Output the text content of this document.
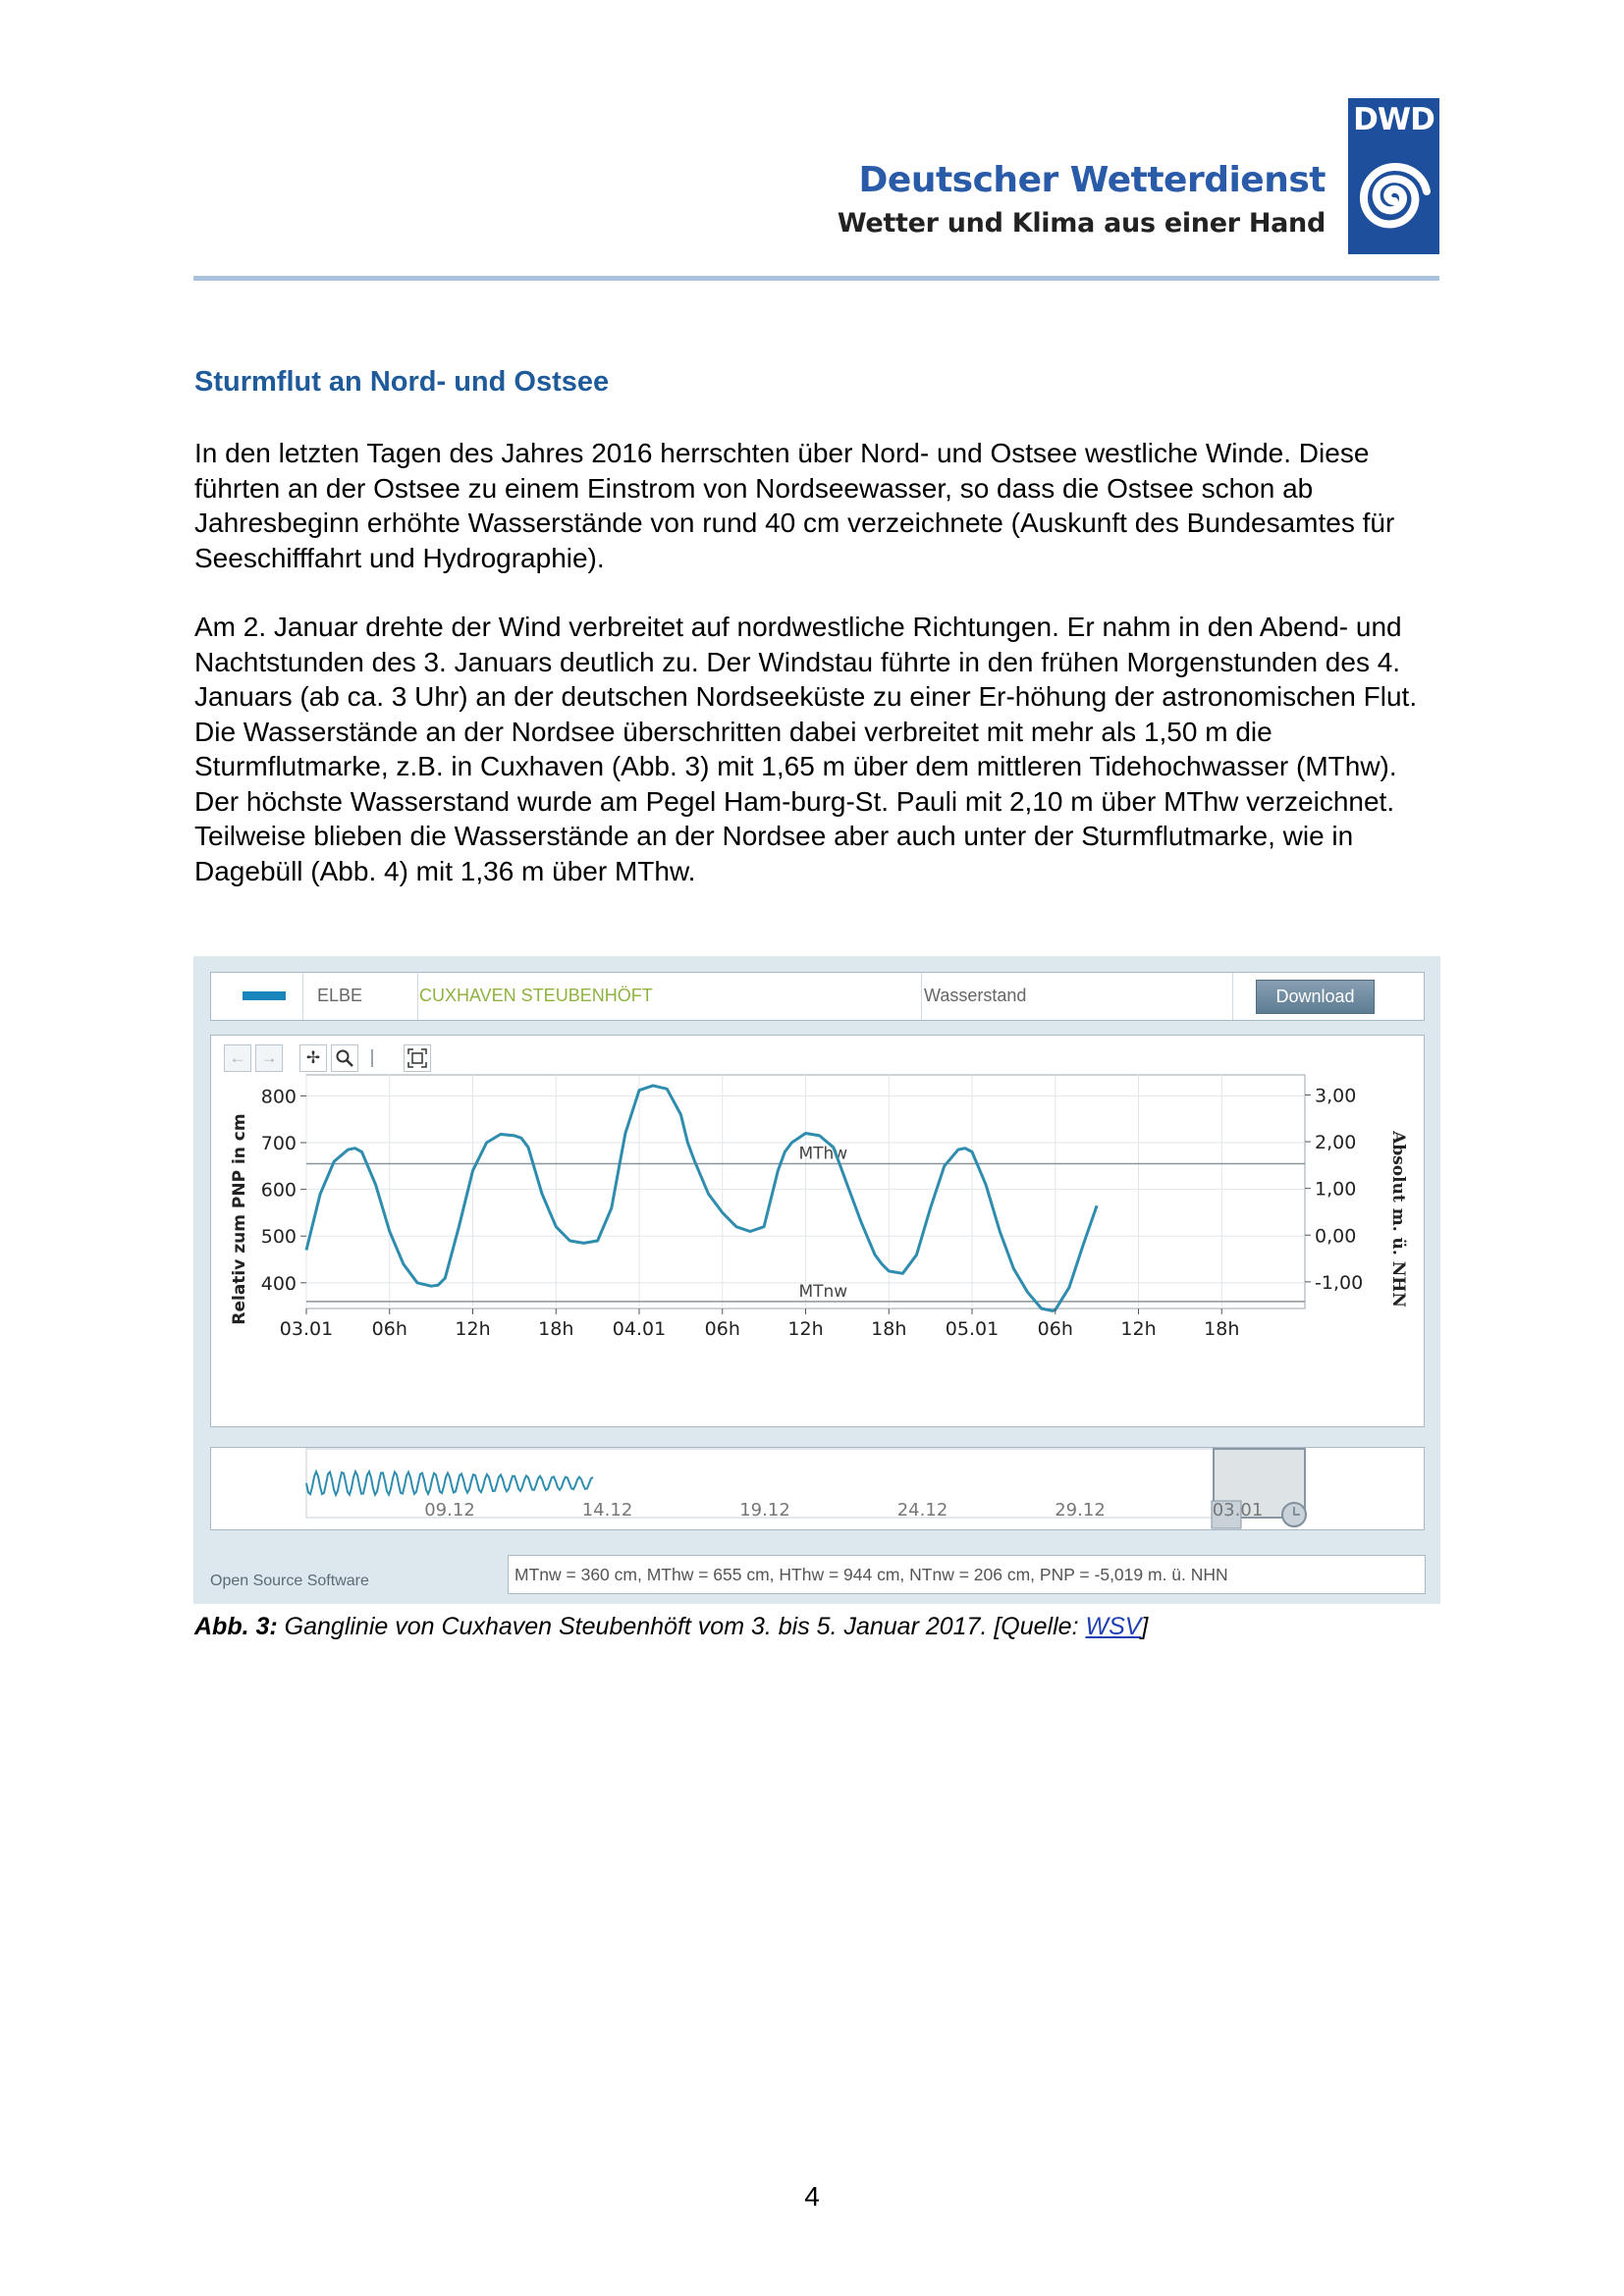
Deutscher Wetterdienst
Wetter und Klima aus einer Hand
DWD
Sturmflut an Nord- und Ostsee
In den letzten Tagen des Jahres 2016 herrschten über Nord- und Ostsee westliche Winde. Diese führten an der Ostsee zu einem Einstrom von Nordseewasser, so dass die Ostsee schon ab Jahresbeginn erhöhte Wasserstände von rund 40 cm verzeichnete (Auskunft des Bundesamtes für Seeschifffahrt und Hydrographie).
Am 2. Januar drehte der Wind verbreitet auf nordwestliche Richtungen. Er nahm in den Abend- und Nachtstunden des 3. Januars deutlich zu. Der Windstau führte in den frühen Morgenstunden des 4. Januars (ab ca. 3 Uhr) an der deutschen Nordseeküste zu einer Er-höhung der astronomischen Flut. Die Wasserstände an der Nordsee überschritten dabei verbreitet mit mehr als 1,50 m die Sturmflutmarke, z.B. in Cuxhaven (Abb. 3) mit 1,65 m über dem mittleren Tidehochwasser (MThw). Der höchste Wasserstand wurde am Pegel Ham-burg-St. Pauli mit 2,10 m über MThw verzeichnet. Teilweise blieben die Wasserstände an der Nordsee aber auch unter der Sturmflutmarke, wie in Dagebüll (Abb. 4) mit 1,36 m über MThw.
ELBE	CUXHAVEN STEUBENHÖFT	Wasserstand	Download
← →	✢
MThw
MTnw
400
500
600
700
800
-1,00
0,00
1,00
2,00
3,00
03.01 06h	12h	18h 04.01 06h	12h	18h 05.01 06h	12h	18h
Relativ zum PNP in cm	Absolut m. ü. NHN
09.12	14.12	19.12	24.12	29.12	03.01
Open Source Software	MTnw = 360 cm, MThw = 655 cm, HThw = 944 cm, NTnw = 206 cm, PNP = -5,019 m. ü. NHN
Abb. 3: Ganglinie von Cuxhaven Steubenhöft vom 3. bis 5. Januar 2017. [Quelle: WSV]
4
